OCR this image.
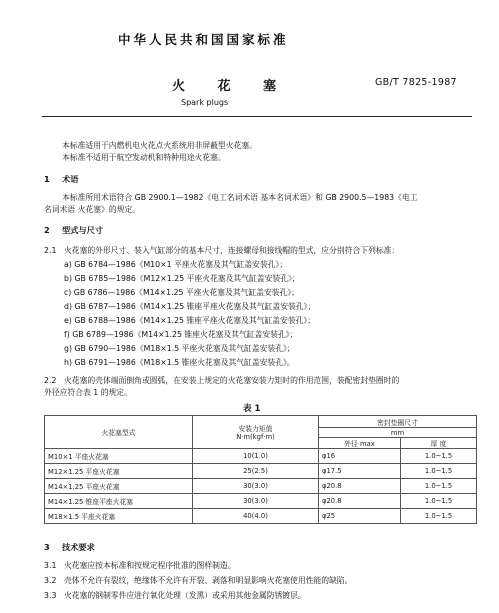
中华人民共和国国家标准
火 花 塞	GB/T 7825-1987
Spark plugs
本标准适用于内燃机电火花点火系统用非屏蔽型火花塞。
本标准不适用于航空发动机和特种用途火花塞。
1 术语
本标准所用术语符合 GB 2900.1—1982《电工名词术语 基本名词术语》和 GB 2900.5—1983《电工
名词术语 火花塞》的规定。
2 型式与尺寸
2.1 火花塞的外形尺寸、装入气缸部分的基本尺寸、连接螺母和接线帽的型式，应分别符合下列标准：
a) GB 6784—1986《M10×1 平座火花塞及其气缸盖安装孔》；
b) GB 6785—1986《M12×1.25 平座火花塞及其气缸盖安装孔》；
c) GB 6786—1986《M14×1.25 平座火花塞及其气缸盖安装孔》；
d) GB 6787—1986《M14×1.25 锥座平座火花塞及其气缸盖安装孔》；
e) GB 6788—1986《M14×1.25 锥座平座火花塞及其气缸盖安装孔》；
f) GB 6789—1986《M14×1.25 锥座火花塞及其气缸盖安装孔》；
g) GB 6790—1986《M18×1.5 平座火花塞及其气缸盖安装孔》；
h) GB 6791—1986《M18×1.5 锥座火花塞及其气缸盖安装孔》。
2.2 火花塞的壳体端面倒角或圆弧，在安装上规定的火花塞安装力矩时的作用范围，装配密封垫圈时的
外径应符合表 1 的规定。
表 1
火花塞型式	安装力矩值
N·m(kgf·m)	密封垫圈尺寸	
		mm	
		外径 max	厚 度
M10×1 平座火花塞	10(1.0)	φ16	1.0~1.5
M12×1.25 平座火花塞	25(2.5)	φ17.5	1.0~1.5
M14×1.25 平座火花塞	30(3.0)	φ20.8	1.0~1.5
M14×1.25 锥座平座火花塞	30(3.0)	φ20.8	1.0~1.5
M18×1.5 平座火花塞	40(4.0)	φ25	1.0~1.5
3 技术要求
3.1 火花塞应按本标准和按规定程序批准的图样制造。
3.2 壳体不允许有裂纹，绝缘体不允许有开裂、剥落和明显影响火花塞使用性能的缺陷。
3.3 火花塞的钢制零件应进行氧化处理（发黑）或采用其他金属防锈镀层。
